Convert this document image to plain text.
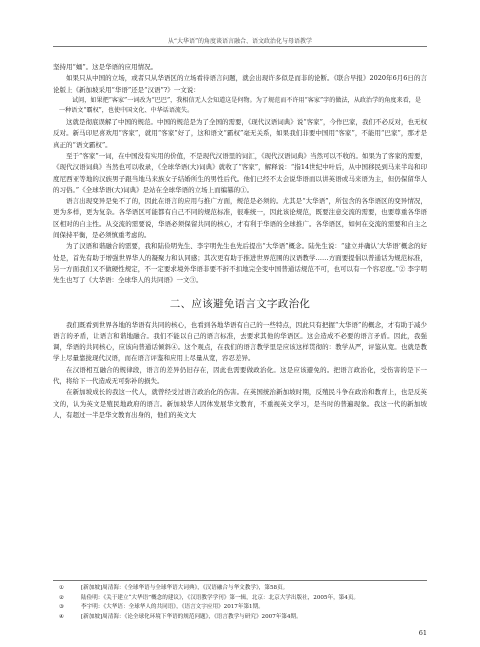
从“大华语”的角度谈语言融合、语文政治化与母语教学

坚持用“蛹”。这是华语的应用情况。

如果只从中国的立场，或者只从华语区的立场看待语言问题，就会出现许多似是而非的论断。《联合早报》2020年6月6日的言论版上《新加坡采用“华语”还是“汉语”?》一文说：

试问，如果把“客家”一词改为“巴巴”，我相信无人会知道这是何物。为了规范而不许用“客家”字的做法，从政治学的角度来看，是一种语文“霸权”，也使中国文化、中华话语流失。

这就是彻底误解了中国的规范。中国的规范是为了全国的需要，《现代汉语词典》说“客家”，今作巴家，我们不必反对，也无权反对。新马印尼喜欢用“客家”，就用“客家”好了，这和语文“霸权”毫无关系，如果我们非要中国用“客家”，不能用“巴家”，那才是真正的“语文霸权”。

至于“客家”一词，在中国没有实用的价值，不是现代汉语里的词汇，《现代汉语词典》当然可以不收的。如果为了客家的需要，《现代汉语词典》当然也可以收录，《全球华语(大)词典》就收了“客家”，解释说：“指14世纪中叶后，从中国移民到马来半岛和印度尼西亚等地的汉族男子跟当地马来族女子结婚所生的男性后代。他们已经不太会说华语而以讲英语或马来语为主，但仍保留华人的习俗。”《全球华语(大)词典》是站在全球华语的立场上而编纂的①。

语言出现变异是免不了的，因此在语言的应用与推广方面，规范是必须的。尤其是“大华语”，所包含的各华语区的变异情况，更为多样，更为复杂。各华语区可能都有自己不同的规范标准，很难统一，因此该论规范，既要注意交流的需要，也要尊重各华语区相对的自主性。从交流的需要说，华语必须保留共同的核心，才有利于华语的全球推广。各华语区，如何在交流的需要和自主之间保持平衡，是必须慎重考虑的。

为了汉语和谐融合的需要，我和陆俭明先生、李宇明先生也先后提出“大华语”概念。陆先生说：“建立并确认‘大华语’概念的好处是，首先有助于增强世界华人的凝聚力和认同感；其次更有助于推进世界范围的汉语教学……方面要提倡以普通话为规范标准，另一方面我们又不做硬性规定，不一定要求境外华语非要不折不扣地完全变中国普通话规范不可，也可以有一个容忍度。”② 李宇明先生也写了《大华语：全球华人的共同语》一文③。

二、应该避免语言文字政治化

我们既看到世界各地的华语有共同的核心，也看到各地华语有自己的一些特点，因此只有把握“大华语”的概念，才有助于减少语言的矛盾，让语言和谐地融合。我们不能以自己的语言标准，去要求其他的华语区。这会造成不必要的语言矛盾。因此，我强调，华语的共同核心，应该向普通话倾斜④。这个观点，在我们的语言教学里是应该这样贯彻的：教学从严，评鉴从宽。也就是教学上尽量靠拢现代汉语，而在语言评鉴和应用上尽量从宽，容忍差异。

在汉语相互融合的规律段，语言的差异仍旧存在，因此也需要做政治化。这是应该避免的。把语言政治化，受伤害的是下一代，将给下一代造成无可弥补的损失。

在新加坡成长的我这一代人，就曾经受过语言政治化的伤害。在英国统治新加坡时期，反殖民斗争在政治和教育上，也是反英文的，认为英文是殖民地政府的语言。新加坡华人因体发展华文教育，不重视英文学习，是当时的普遍现象。我这一代的新加坡人，有超过一半是华文教育出身的，他们的英文大

①	[新加坡]周清海：《全球华语与全球华语大词典》，《汉语融合与华文教学》，第58页。
②	陆俭明：《关于建立“大华语”概念的建议》，《汉语教学学刊》第一辑，北京：北京大学出版社，2005年，第4页。
③	李宇明：《大华语：全球华人的共同语》，《语言文字应用》2017年第1期。
④	[新加坡]周清海：《论全球化环境下华语的规范问题》，《语言教学与研究》2007年第4期。
61
